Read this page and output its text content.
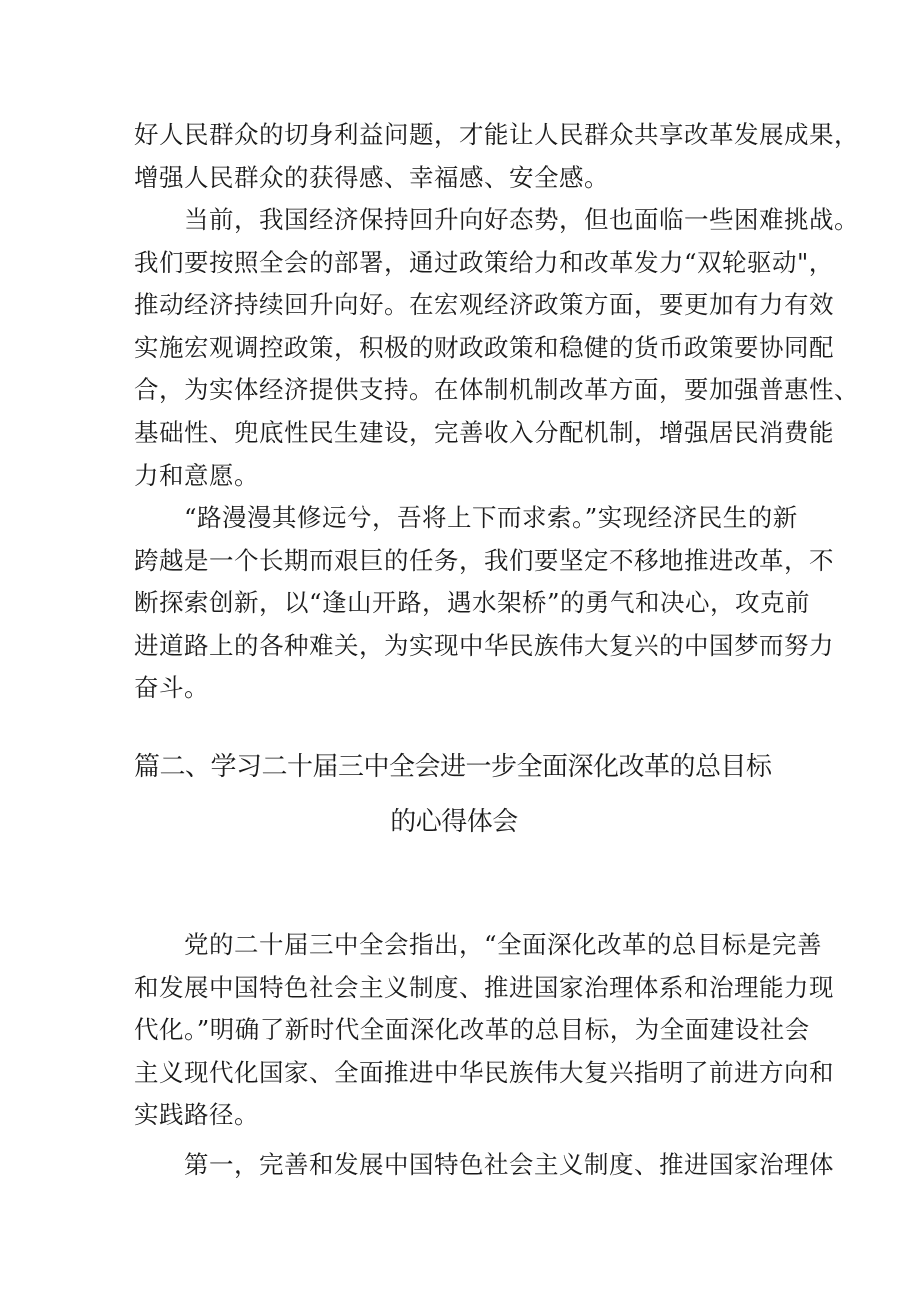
好人民群众的切身利益问题，才能让人民群众共享改革发展成果，
增强人民群众的获得感、幸福感、安全感。
　　当前，我国经济保持回升向好态势，但也面临一些困难挑战。
我们要按照全会的部署，通过政策给力和改革发力“双轮驱动"，
推动经济持续回升向好。在宏观经济政策方面，要更加有力有效
实施宏观调控政策，积极的财政政策和稳健的货币政策要协同配
合，为实体经济提供支持。在体制机制改革方面，要加强普惠性、
基础性、兜底性民生建设，完善收入分配机制，增强居民消费能
力和意愿。
　　“路漫漫其修远兮，吾将上下而求索。”实现经济民生的新
跨越是一个长期而艰巨的任务，我们要坚定不移地推进改革，不
断探索创新，以“逢山开路，遇水架桥”的勇气和决心，攻克前
进道路上的各种难关，为实现中华民族伟大复兴的中国梦而努力
奋斗。
篇二、学习二十届三中全会进一步全面深化改革的总目标
的心得体会
　　党的二十届三中全会指出，“全面深化改革的总目标是完善
和发展中国特色社会主义制度、推进国家治理体系和治理能力现
代化。”明确了新时代全面深化改革的总目标，为全面建设社会
主义现代化国家、全面推进中华民族伟大复兴指明了前进方向和
实践路径。
　　第一，完善和发展中国特色社会主义制度、推进国家治理体
